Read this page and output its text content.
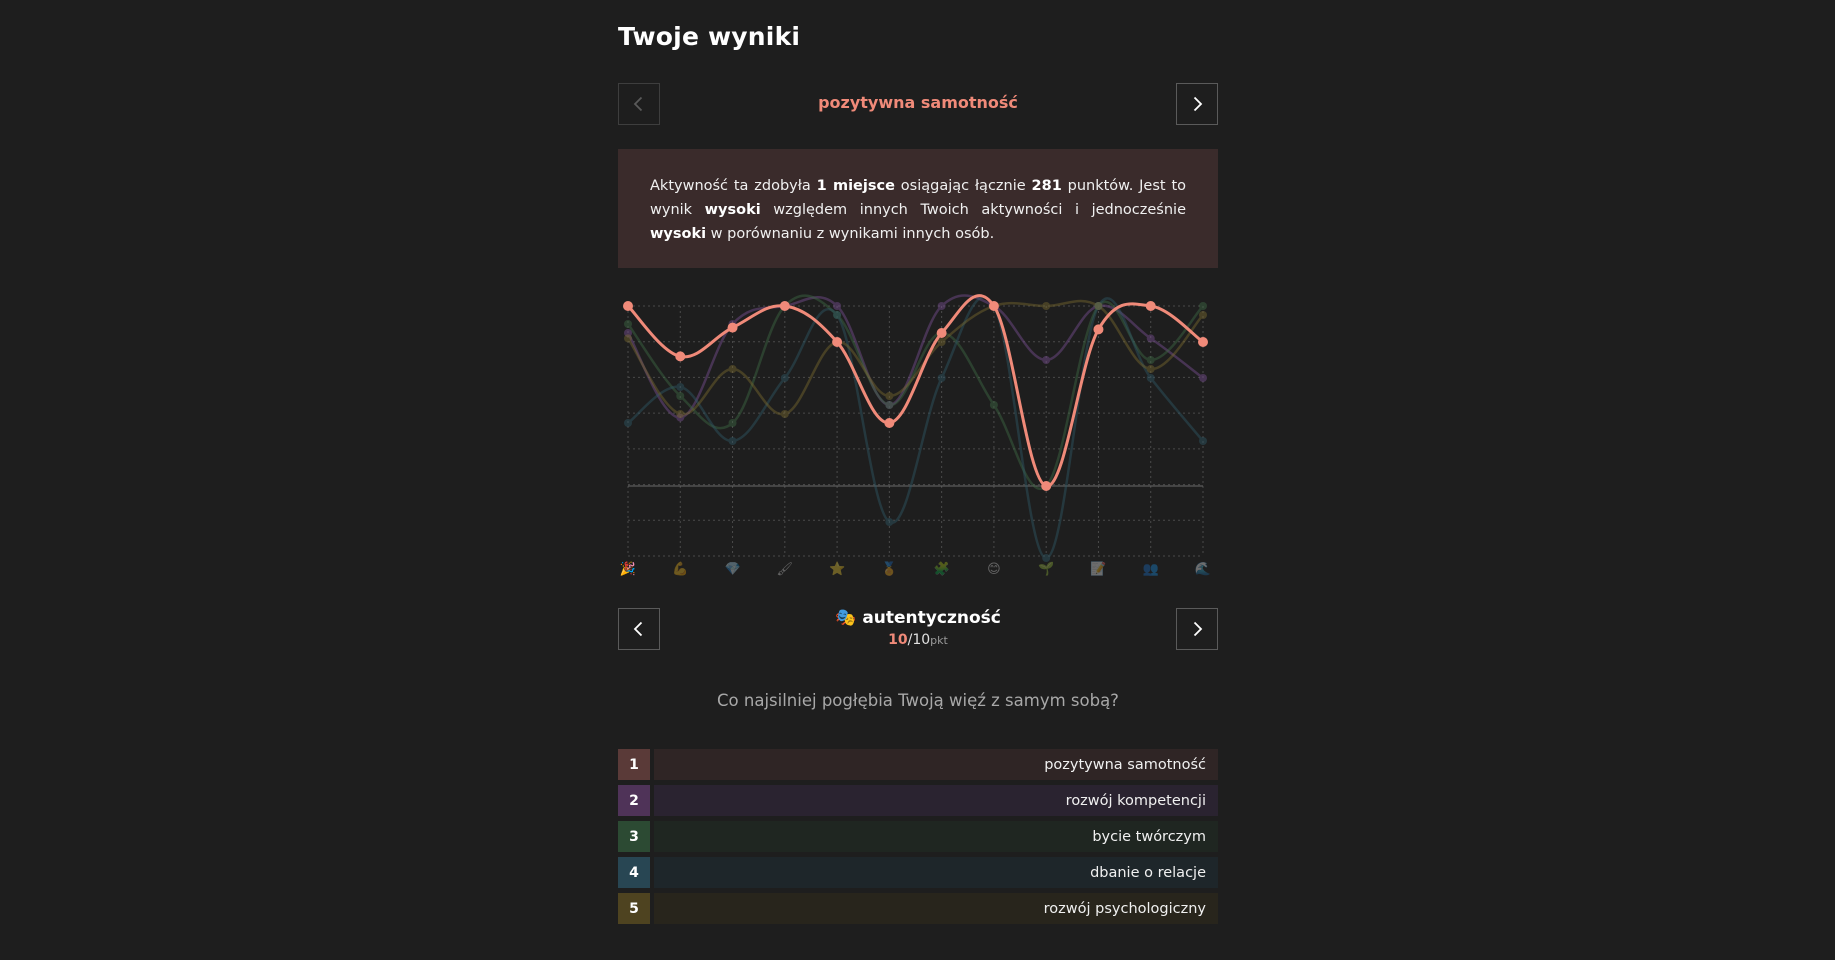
Twoje wyniki
pozytywna samotność
Aktywność ta zdobyła 1 miejsce osiągając łącznie 281 punktów. Jest to wynik wysoki względem innych Twoich aktywności i jednocześnie wysoki w porównaniu z wynikami innych osób.
🎉	💪	💎	🖌	⭐	🏅	🧩	😊	🌱	📝	👥	🌊
🎭 autentyczność
10/10pkt
Co najsilniej pogłębia Twoją więź z samym sobą?
1	pozytywna samotność
2	rozwój kompetencji
3	bycie twórczym
4	dbanie o relacje
5	rozwój psychologiczny
